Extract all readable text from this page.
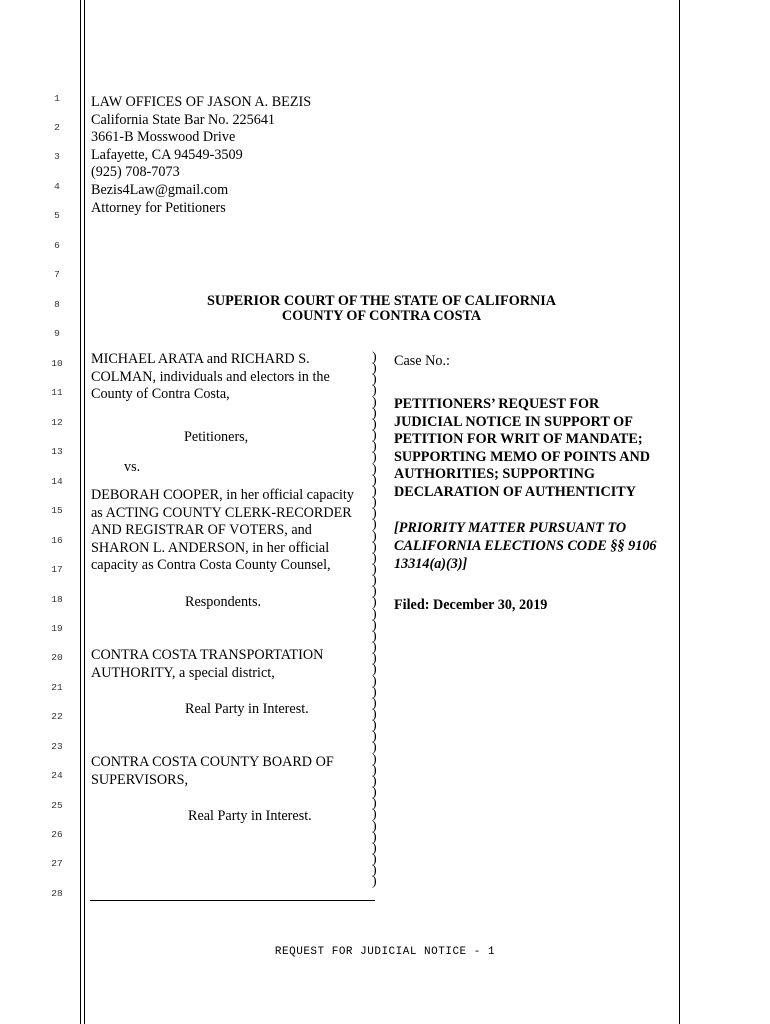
1
2
3
4
5
6
7
8
9
10
11
12
13
14
15
16
17
18
19
20
21
22
23
24
25
26
27
28
LAW OFFICES OF JASON A. BEZIS
California State Bar No. 225641
3661-B Mosswood Drive
Lafayette, CA 94549-3509
(925) 708-7073
Bezis4Law@gmail.com
Attorney for Petitioners
SUPERIOR COURT OF THE STATE OF CALIFORNIA
COUNTY OF CONTRA COSTA
MICHAEL ARATA and RICHARD S.
COLMAN, individuals and electors in the
County of Contra Costa,
Petitioners,
vs.
DEBORAH COOPER, in her official capacity
as ACTING COUNTY CLERK-RECORDER
AND REGISTRAR OF VOTERS, and
SHARON L. ANDERSON, in her official
capacity as Contra Costa County Counsel,
Respondents.
CONTRA COSTA TRANSPORTATION
AUTHORITY, a special district,
Real Party in Interest.
CONTRA COSTA COUNTY BOARD OF
SUPERVISORS,
Real Party in Interest.
)
)
)
)
)
)
)
)
)
)
)
)
)
)
)
)
)
)
)
)
)
)
)
)
)
)
)
)
)
)
)
)
)
)
)
)
)
)
)
)
)
)
)
)
)
)
)
)
Case No.:
PETITIONERS’ REQUEST FOR
JUDICIAL NOTICE IN SUPPORT OF
PETITION FOR WRIT OF MANDATE;
SUPPORTING MEMO OF POINTS AND
AUTHORITIES; SUPPORTING
DECLARATION OF AUTHENTICITY
[PRIORITY MATTER PURSUANT TO
CALIFORNIA ELECTIONS CODE §§ 9106
13314(a)(3)]
Filed: December 30, 2019
REQUEST FOR JUDICIAL NOTICE - 1
